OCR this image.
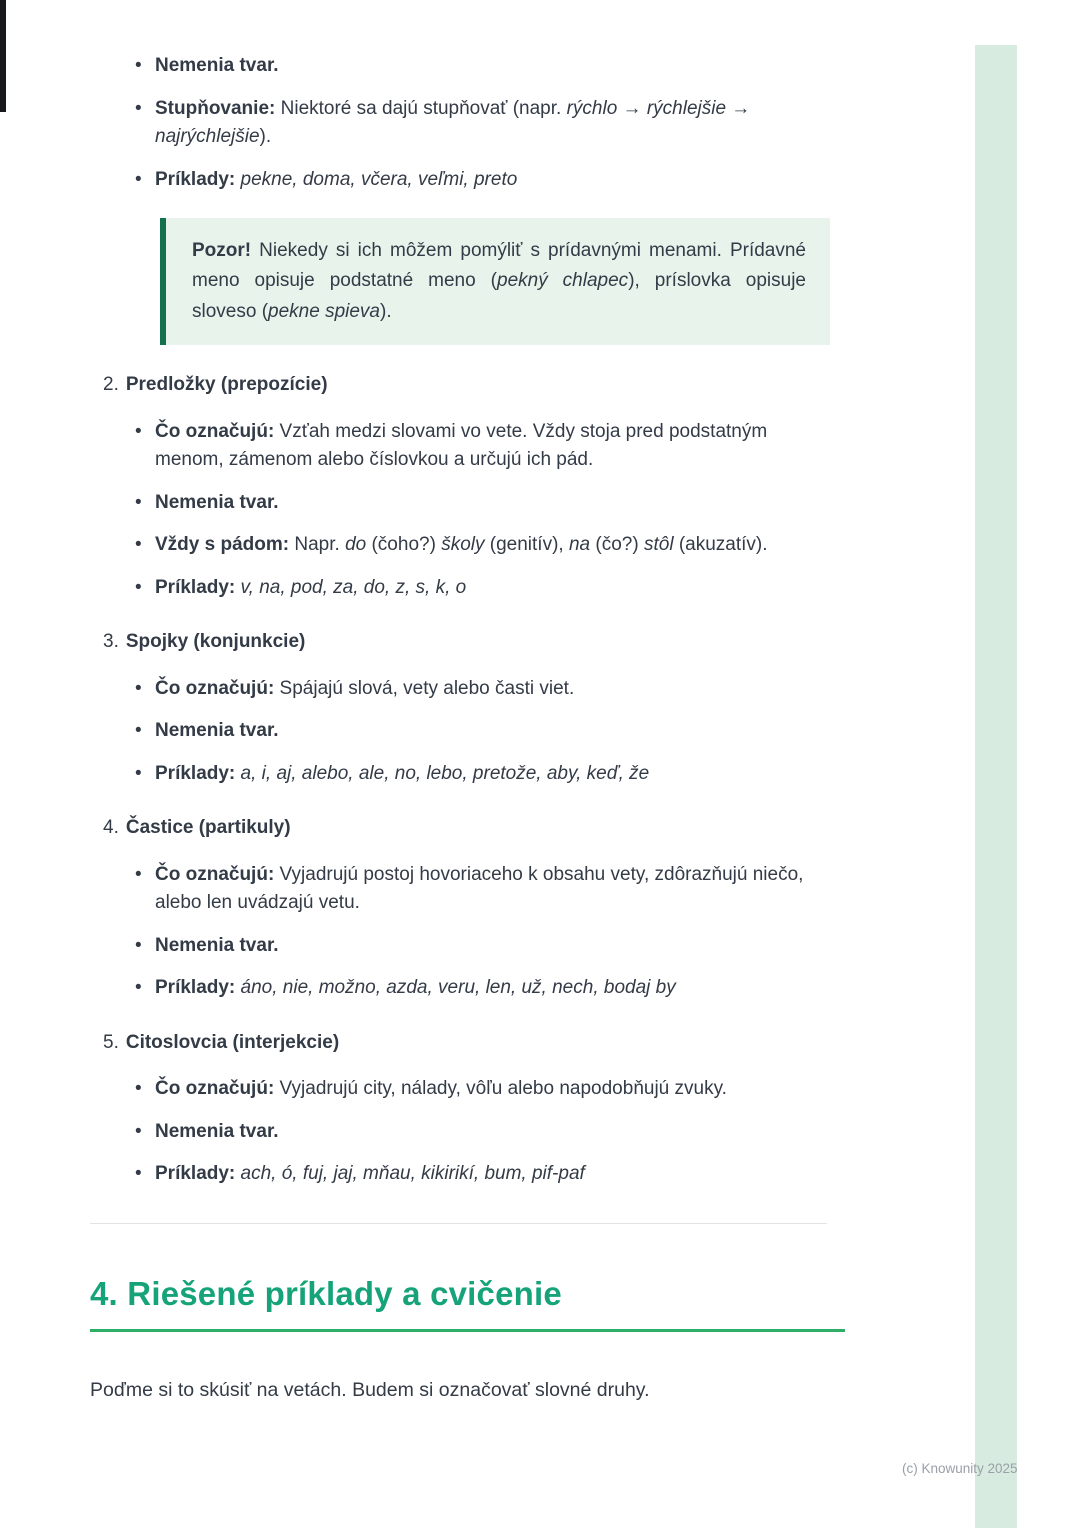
• Nemenia tvar.
• Stupňovanie: Niektoré sa dajú stupňovať (napr. rýchlo → rýchlejšie → najrýchlejšie).
• Príklady: pekne, doma, včera, veľmi, preto

Pozor! Niekedy si ich môžem pomýliť s prídavnými menami. Prídavné meno opisuje podstatné meno (pekný chlapec), príslovka opisuje sloveso (pekne spieva).

2. Predložky (prepozície)
• Čo označujú: Vzťah medzi slovami vo vete. Vždy stoja pred podstatným menom, zámenom alebo číslovkou a určujú ich pád.
• Nemenia tvar.
• Vždy s pádom: Napr. do (čoho?) školy (genitív), na (čo?) stôl (akuzatív).
• Príklady: v, na, pod, za, do, z, s, k, o
3. Spojky (konjunkcie)
• Čo označujú: Spájajú slová, vety alebo časti viet.
• Nemenia tvar.
• Príklady: a, i, aj, alebo, ale, no, lebo, pretože, aby, keď, že
4. Častice (partikuly)
• Čo označujú: Vyjadrujú postoj hovoriaceho k obsahu vety, zdôrazňujú niečo, alebo len uvádzajú vetu.
• Nemenia tvar.
• Príklady: áno, nie, možno, azda, veru, len, už, nech, bodaj by
5. Citoslovcia (interjekcie)
• Čo označujú: Vyjadrujú city, nálady, vôľu alebo napodobňujú zvuky.
• Nemenia tvar.
• Príklady: ach, ó, fuj, jaj, mňau, kikirikí, bum, pif-paf
4. Riešené príklady a cvičenie

Poďme si to skúsiť na vetách. Budem si označovať slovné druhy.

(c) Knowunity 2025
